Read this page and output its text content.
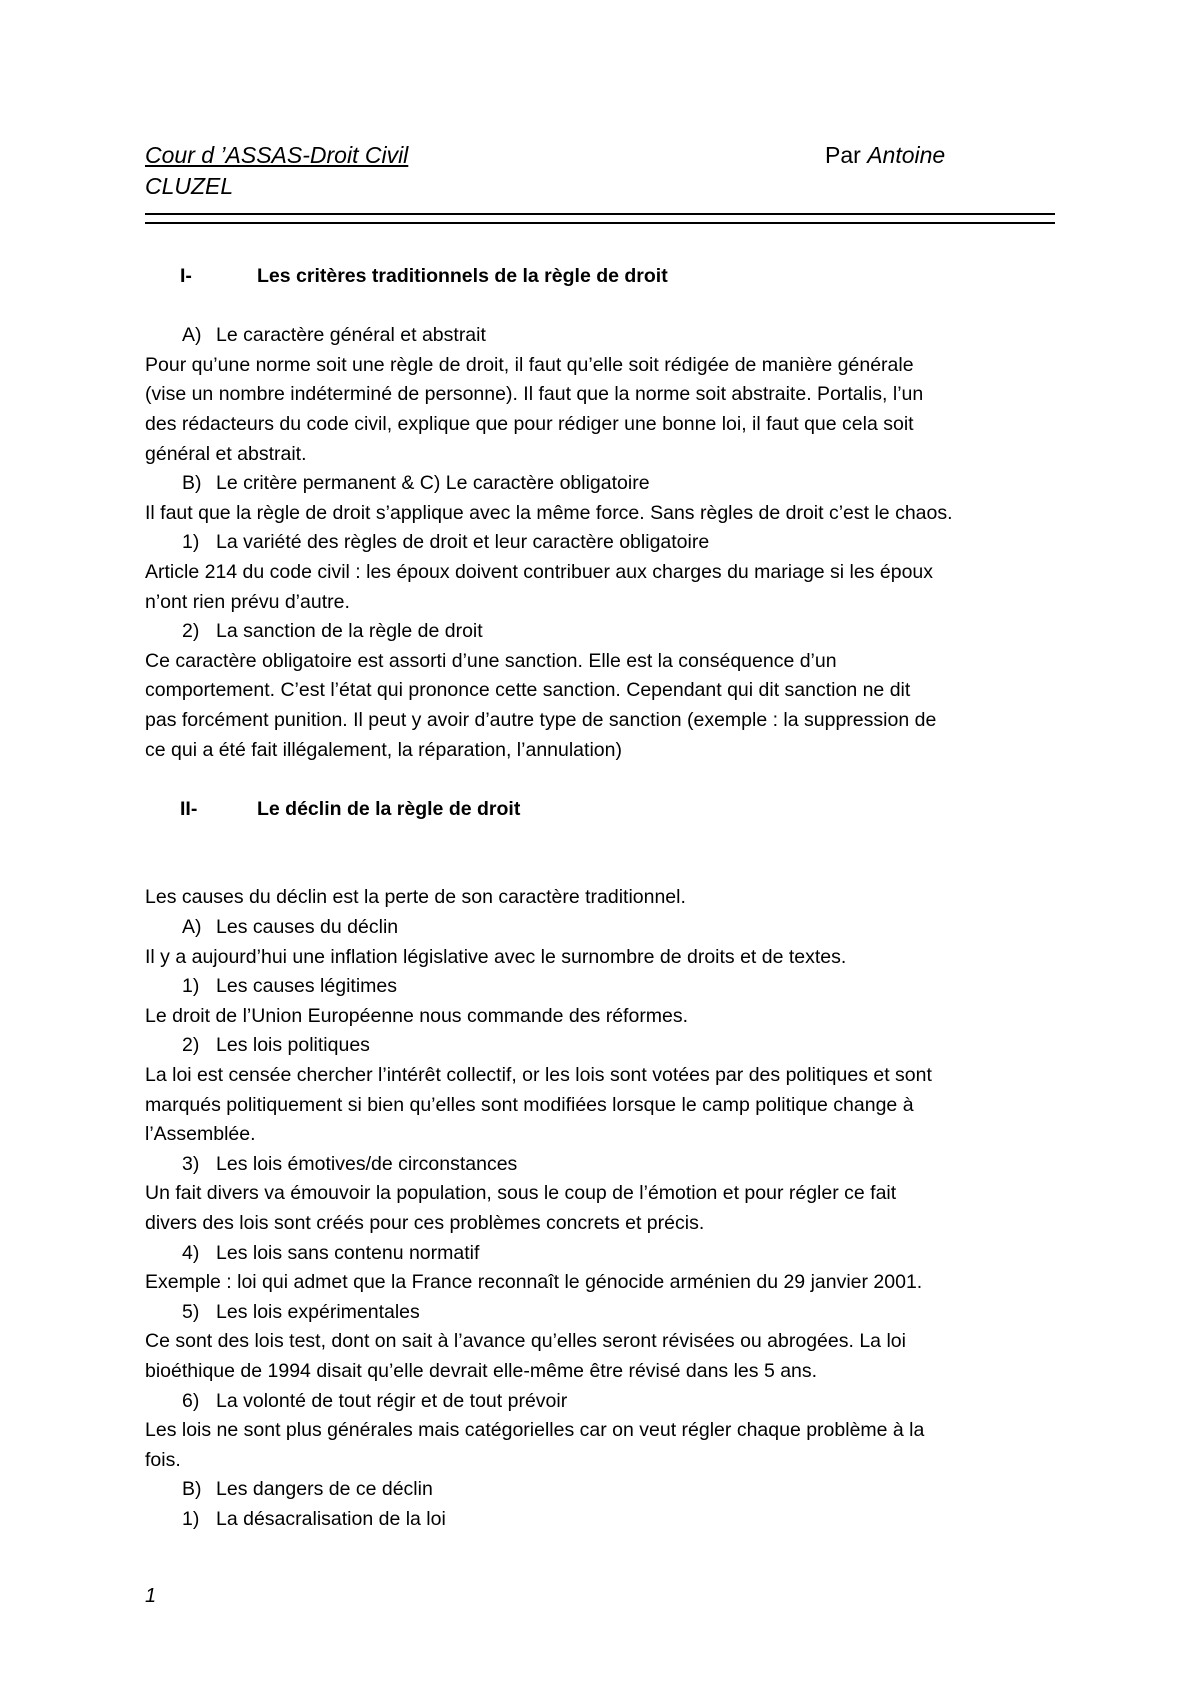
Cour d ’ASSAS-Droit Civil	Par Antoine
CLUZEL

I-	Les critères traditionnels de la règle de droit

A) Le caractère général et abstrait

Pour qu’une norme soit une règle de droit, il faut qu’elle soit rédigée de manière générale

(vise un nombre indéterminé de personne). Il faut que la norme soit abstraite. Portalis, l’un

des rédacteurs du code civil, explique que pour rédiger une bonne loi, il faut que cela soit

général et abstrait.

B) Le critère permanent & C) Le caractère obligatoire

Il faut que la règle de droit s’applique avec la même force. Sans règles de droit c’est le chaos.

1) La variété des règles de droit et leur caractère obligatoire

Article 214 du code civil : les époux doivent contribuer aux charges du mariage si les époux

n’ont rien prévu d’autre.

2) La sanction de la règle de droit

Ce caractère obligatoire est assorti d’une sanction. Elle est la conséquence d’un

comportement. C’est l’état qui prononce cette sanction. Cependant qui dit sanction ne dit

pas forcément punition. Il peut y avoir d’autre type de sanction (exemple : la suppression de

ce qui a été fait illégalement, la réparation, l’annulation)

II-	Le déclin de la règle de droit

Les causes du déclin est la perte de son caractère traditionnel.

A) Les causes du déclin

Il y a aujourd’hui une inflation législative avec le surnombre de droits et de textes.

1) Les causes légitimes

Le droit de l’Union Européenne nous commande des réformes.

2) Les lois politiques

La loi est censée chercher l’intérêt collectif, or les lois sont votées par des politiques et sont

marqués politiquement si bien qu’elles sont modifiées lorsque le camp politique change à

l’Assemblée.

3) Les lois émotives/de circonstances

Un fait divers va émouvoir la population, sous le coup de l’émotion et pour régler ce fait

divers des lois sont créés pour ces problèmes concrets et précis.

4) Les lois sans contenu normatif

Exemple : loi qui admet que la France reconnaît le génocide arménien du 29 janvier 2001.

5) Les lois expérimentales

Ce sont des lois test, dont on sait à l’avance qu’elles seront révisées ou abrogées. La loi

bioéthique de 1994 disait qu’elle devrait elle-même être révisé dans les 5 ans.

6) La volonté de tout régir et de tout prévoir

Les lois ne sont plus générales mais catégorielles car on veut régler chaque problème à la

fois.

B) Les dangers de ce déclin

1) La désacralisation de la loi

1
